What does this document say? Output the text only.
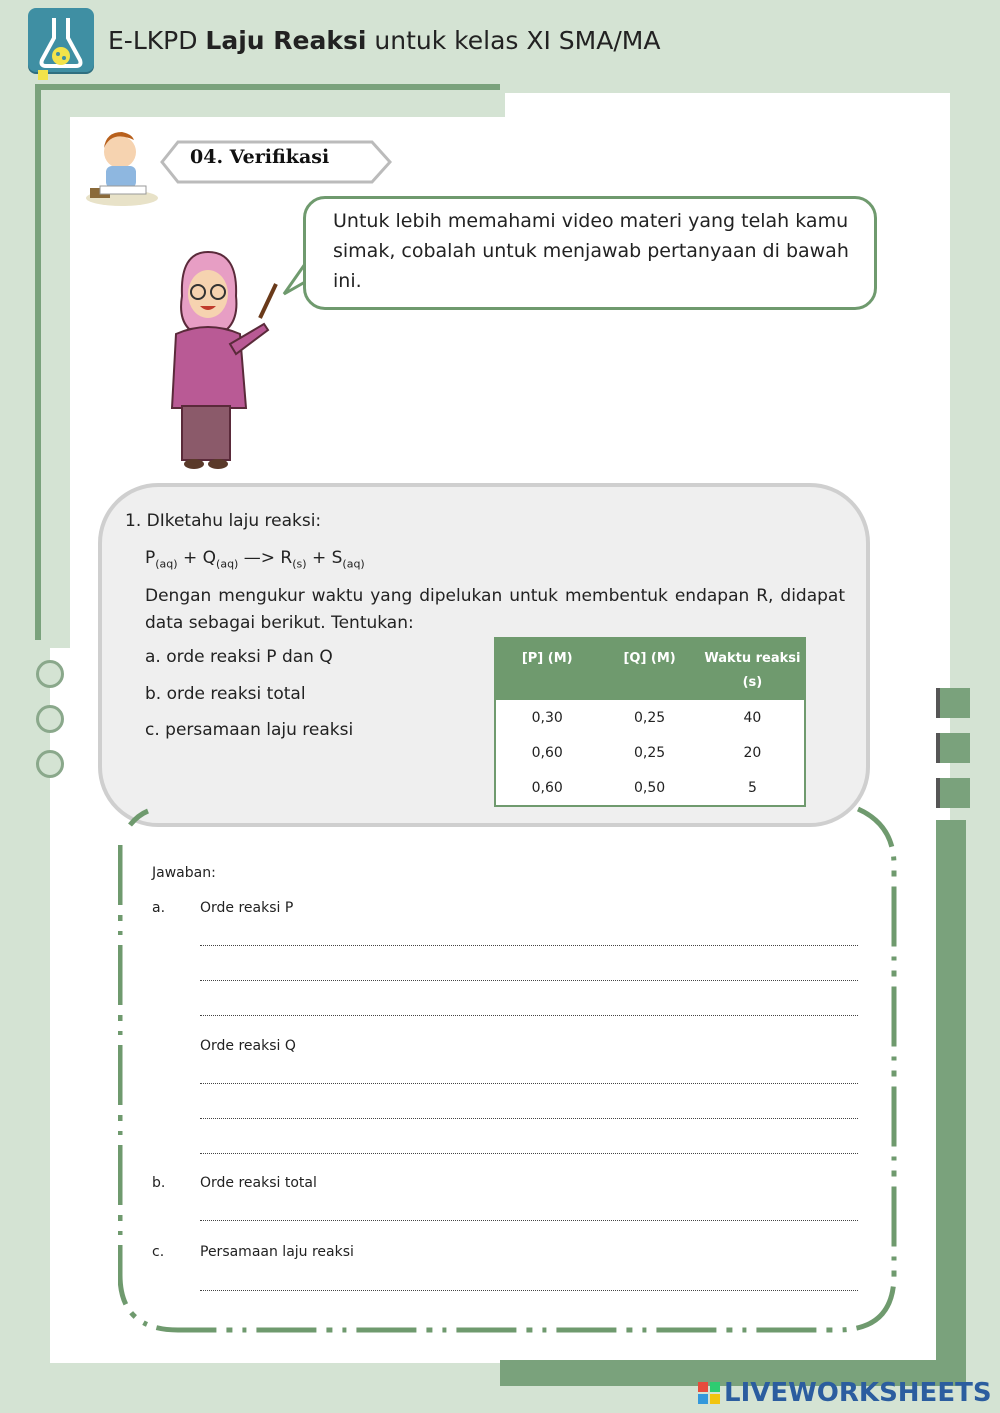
E-LKPD Laju Reaksi untuk kelas XI SMA/MA
04. Verifikasi
Untuk lebih memahami video materi yang telah kamu simak, cobalah untuk menjawab pertanyaan di bawah ini.
1. DIketahu laju reaksi:
$P_{(aq)} + Q_{(aq)}$ —> $R_{(s)} + S_{(aq)}$
Dengan mengukur waktu yang dipelukan untuk membentuk endapan R, didapat data sebagai berikut. Tentukan:
a. orde reaksi P dan Q
b. orde reaksi total
c. persamaan laju reaksi
[P] (M)	[Q] (M)	Waktu reaksi (s)
0,30	0,25	40
0,60	0,25	20
0,60	0,50	5
Jawaban:
a. Orde reaksi P
Orde reaksi Q
b. Orde reaksi total
c.	Persamaan laju reaksi
LIVEWORKSHEETS
